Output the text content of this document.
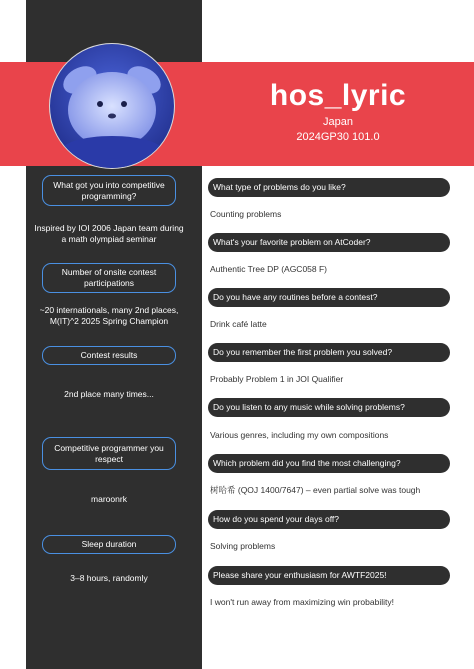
hos_lyric
Japan
2024GP30 101.0
What got you into competitive programming?
Inspired by IOI 2006 Japan team during a math olympiad seminar
Number of onsite contest participations
~20 internationals, many 2nd places, M(IT)^2 2025 Spring Champion
Contest results
2nd place many times...
Competitive programmer you respect
maroonrk
Sleep duration
3–8 hours, randomly
What type of problems do you like?
Counting problems
What's your favorite problem on AtCoder?
Authentic Tree DP (AGC058 F)
Do you have any routines before a contest?
Drink café latte
Do you remember the first problem you solved?
Probably Problem 1 in JOI Qualifier
Do you listen to any music while solving problems?
Various genres, including my own compositions
Which problem did you find the most challenging?
树哈希 (QOJ 1400/7647) – even partial solve was tough
How do you spend your days off?
Solving problems
Please share your enthusiasm for AWTF2025!
I won't run away from maximizing win probability!
